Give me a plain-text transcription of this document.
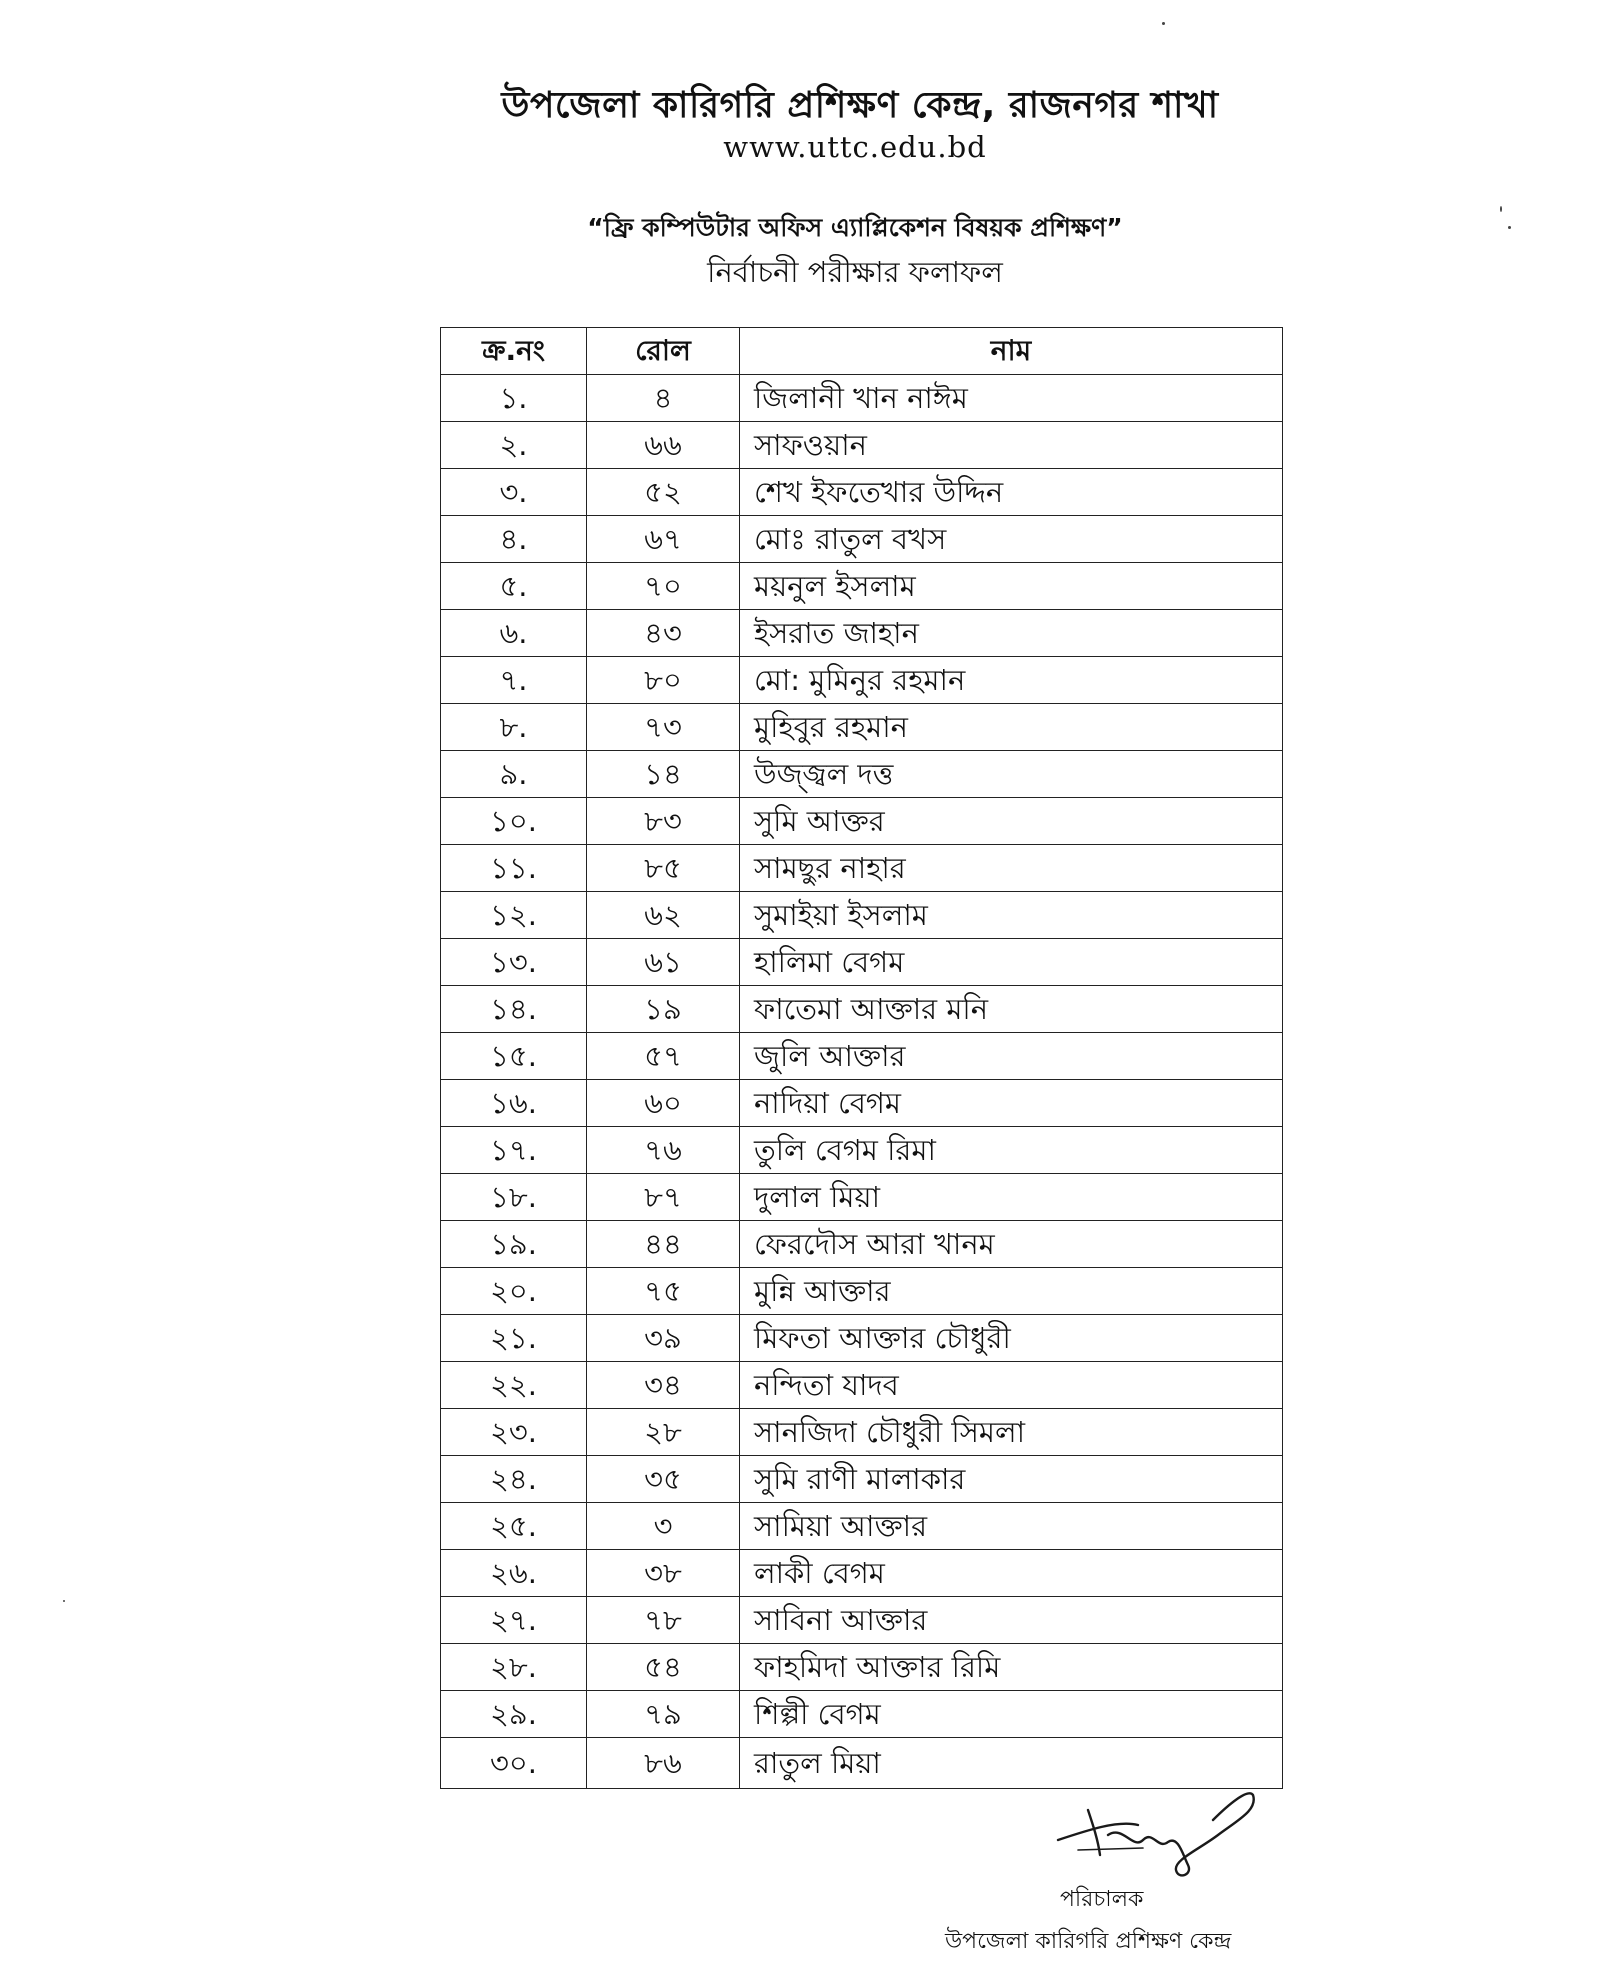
উপজেলা কারিগরি প্রশিক্ষণ কেন্দ্র, রাজনগর শাখা
www.uttc.edu.bd
“ফ্রি কম্পিউটার অফিস এ্যাপ্লিকেশন বিষয়ক প্রশিক্ষণ”
নির্বাচনী পরীক্ষার ফলাফল
ক্র.নং	রোল	নাম
১.	৪	জিলানী খান নাঈম
২.	৬৬	সাফওয়ান
৩.	৫২	শেখ ইফতেখার উদ্দিন
৪.	৬৭	মোঃ রাতুল বখস
৫.	৭০	ময়নুল ইসলাম
৬.	৪৩	ইসরাত জাহান
৭.	৮০	মো: মুমিনুর রহমান
৮.	৭৩	মুহিবুর রহমান
৯.	১৪	উজ্জ্বল দত্ত
১০.	৮৩	সুমি আক্তর
১১.	৮৫	সামছুর নাহার
১২.	৬২	সুমাইয়া ইসলাম
১৩.	৬১	হালিমা বেগম
১৪.	১৯	ফাতেমা আক্তার মনি
১৫.	৫৭	জুলি আক্তার
১৬.	৬০	নাদিয়া বেগম
১৭.	৭৬	তুলি বেগম রিমা
১৮.	৮৭	দুলাল মিয়া
১৯.	৪৪	ফেরদৌস আরা খানম
২০.	৭৫	মুন্নি আক্তার
২১.	৩৯	মিফতা আক্তার চৌধুরী
২২.	৩৪	নন্দিতা যাদব
২৩.	২৮	সানজিদা চৌধুরী সিমলা
২৪.	৩৫	সুমি রাণী মালাকার
২৫.	৩	সামিয়া আক্তার
২৬.	৩৮	লাকী বেগম
২৭.	৭৮	সাবিনা আক্তার
২৮.	৫৪	ফাহমিদা আক্তার রিমি
২৯.	৭৯	শিল্পী বেগম
৩০.	৮৬	রাতুল মিয়া
পরিচালক
উপজেলা কারিগরি প্রশিক্ষণ কেন্দ্র
